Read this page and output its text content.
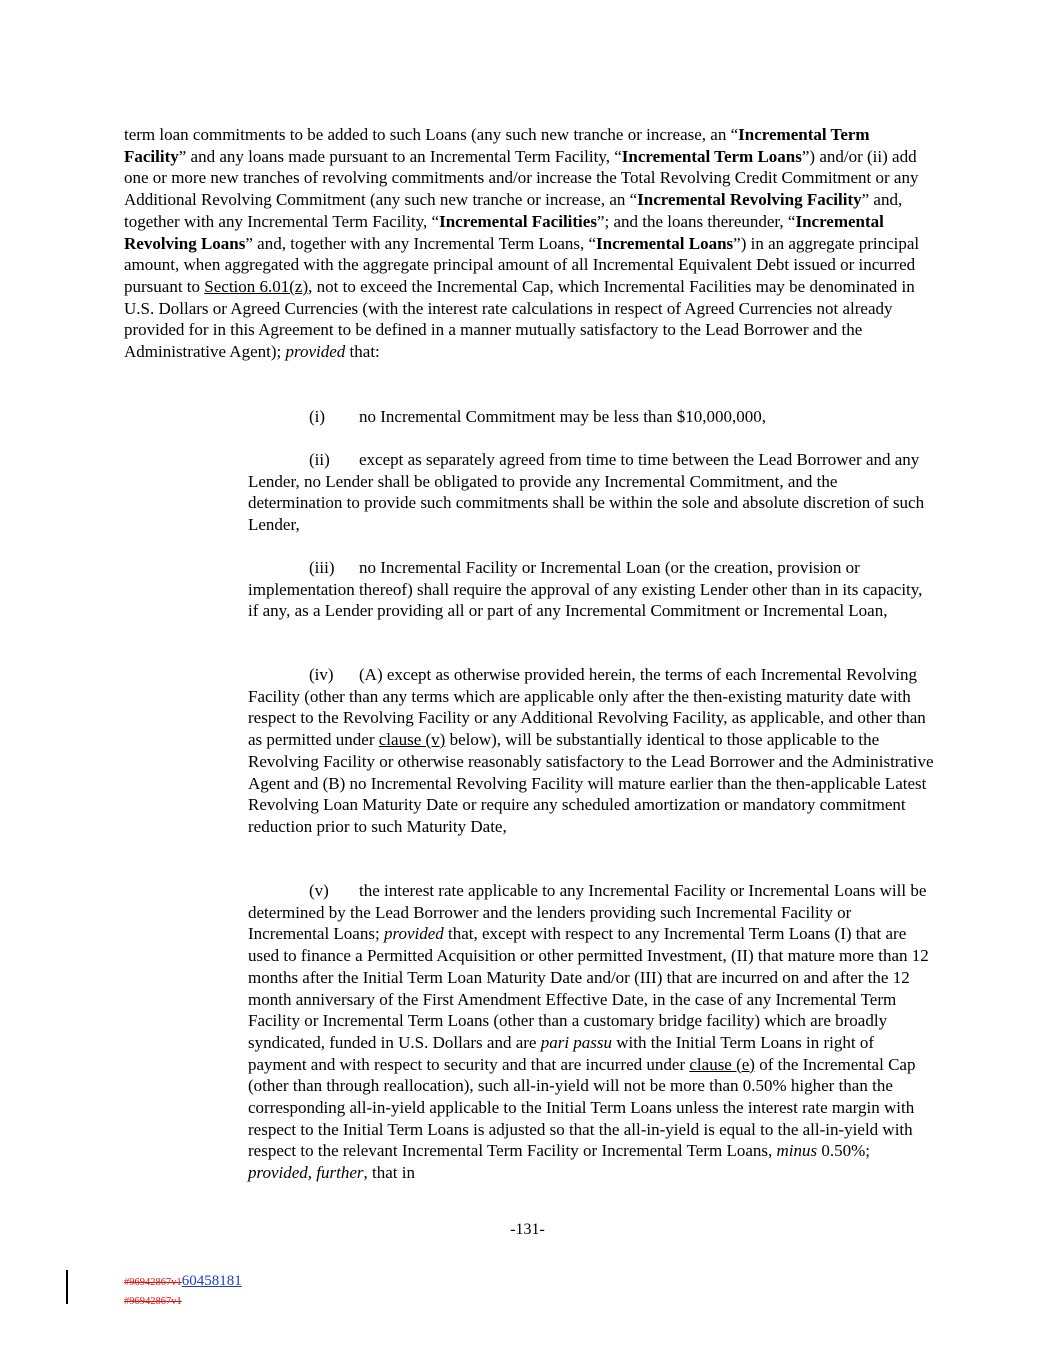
term loan commitments to be added to such Loans (any such new tranche or increase, an “Incremental Term Facility” and any loans made pursuant to an Incremental Term Facility, “Incremental Term Loans”) and/or (ii) add one or more new tranches of revolving commitments and/or increase the Total Revolving Credit Commitment or any Additional Revolving Commitment (any such new tranche or increase, an “Incremental Revolving Facility” and, together with any Incremental Term Facility, “Incremental Facilities”; and the loans thereunder, “Incremental Revolving Loans” and, together with any Incremental Term Loans, “Incremental Loans”) in an aggregate principal amount, when aggregated with the aggregate principal amount of all Incremental Equivalent Debt issued or incurred pursuant to Section 6.01(z), not to exceed the Incremental Cap, which Incremental Facilities may be denominated in U.S. Dollars or Agreed Currencies (with the interest rate calculations in respect of Agreed Currencies not already provided for in this Agreement to be defined in a manner mutually satisfactory to the Lead Borrower and the Administrative Agent); provided that:

(i) no Incremental Commitment may be less than $10,000,000,

(ii) except as separately agreed from time to time between the Lead Borrower and any Lender, no Lender shall be obligated to provide any Incremental Commitment, and the determination to provide such commitments shall be within the sole and absolute discretion of such Lender,

(iii) no Incremental Facility or Incremental Loan (or the creation, provision or implementation thereof) shall require the approval of any existing Lender other than in its capacity, if any, as a Lender providing all or part of any Incremental Commitment or Incremental Loan,

(iv) (A) except as otherwise provided herein, the terms of each Incremental Revolving Facility (other than any terms which are applicable only after the then-existing maturity date with respect to the Revolving Facility or any Additional Revolving Facility, as applicable, and other than as permitted under clause (v) below), will be substantially identical to those applicable to the Revolving Facility or otherwise reasonably satisfactory to the Lead Borrower and the Administrative Agent and (B) no Incremental Revolving Facility will mature earlier than the then-applicable Latest Revolving Loan Maturity Date or require any scheduled amortization or mandatory commitment reduction prior to such Maturity Date,

(v) the interest rate applicable to any Incremental Facility or Incremental Loans will be determined by the Lead Borrower and the lenders providing such Incremental Facility or Incremental Loans; provided that, except with respect to any Incremental Term Loans (I) that are used to finance a Permitted Acquisition or other permitted Investment, (II) that mature more than 12 months after the Initial Term Loan Maturity Date and/or (III) that are incurred on and after the 12 month anniversary of the First Amendment Effective Date, in the case of any Incremental Term Facility or Incremental Term Loans (other than a customary bridge facility) which are broadly syndicated, funded in U.S. Dollars and are pari passu with the Initial Term Loans in right of payment and with respect to security and that are incurred under clause (e) of the Incremental Cap (other than through reallocation), such all-in-yield will not be more than 0.50% higher than the corresponding all-in-yield applicable to the Initial Term Loans unless the interest rate margin with respect to the Initial Term Loans is adjusted so that the all-in-yield is equal to the all-in-yield with respect to the relevant Incremental Term Facility or Incremental Term Loans, minus 0.50%; provided, further, that in

-131-
#96942867v160458181
#96942867v1
